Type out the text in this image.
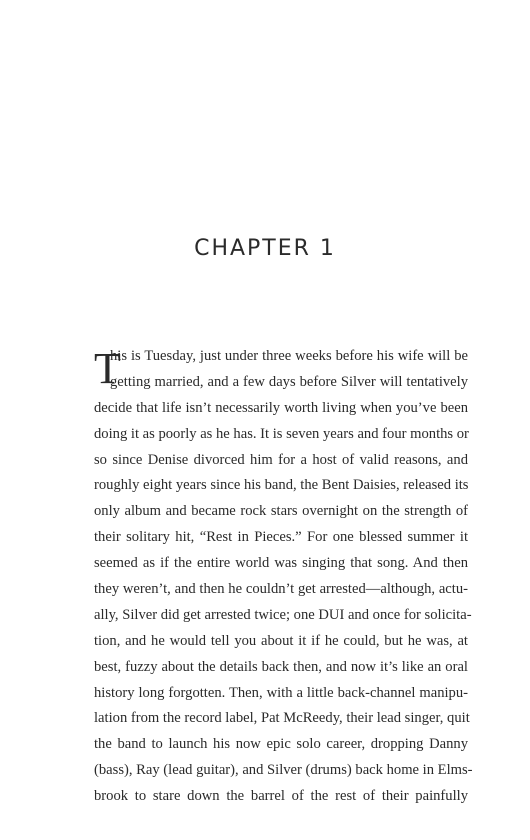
CHAPTER 1
T
his is Tuesday, just under three weeks before his wife will be
getting married, and a few days before Silver will tentatively
decide that life isn’t necessarily worth living when you’ve been
doing it as poorly as he has. It is seven years and four months or
so since Denise divorced him for a host of valid reasons, and
roughly eight years since his band, the Bent Daisies, released its
only album and became rock stars overnight on the strength of
their solitary hit, “Rest in Pieces.” For one blessed summer it
seemed as if the entire world was singing that song. And then
they weren’t, and then he couldn’t get arrested—although, actu-
ally, Silver did get arrested twice; one DUI and once for solicita-
tion, and he would tell you about it if he could, but he was, at
best, fuzzy about the details back then, and now it’s like an oral
history long forgotten. Then, with a little back-channel manipu-
lation from the record label, Pat McReedy, their lead singer, quit
the band to launch his now epic solo career, dropping Danny
(bass), Ray (lead guitar), and Silver (drums) back home in Elms-
brook to stare down the barrel of the rest of their painfully
